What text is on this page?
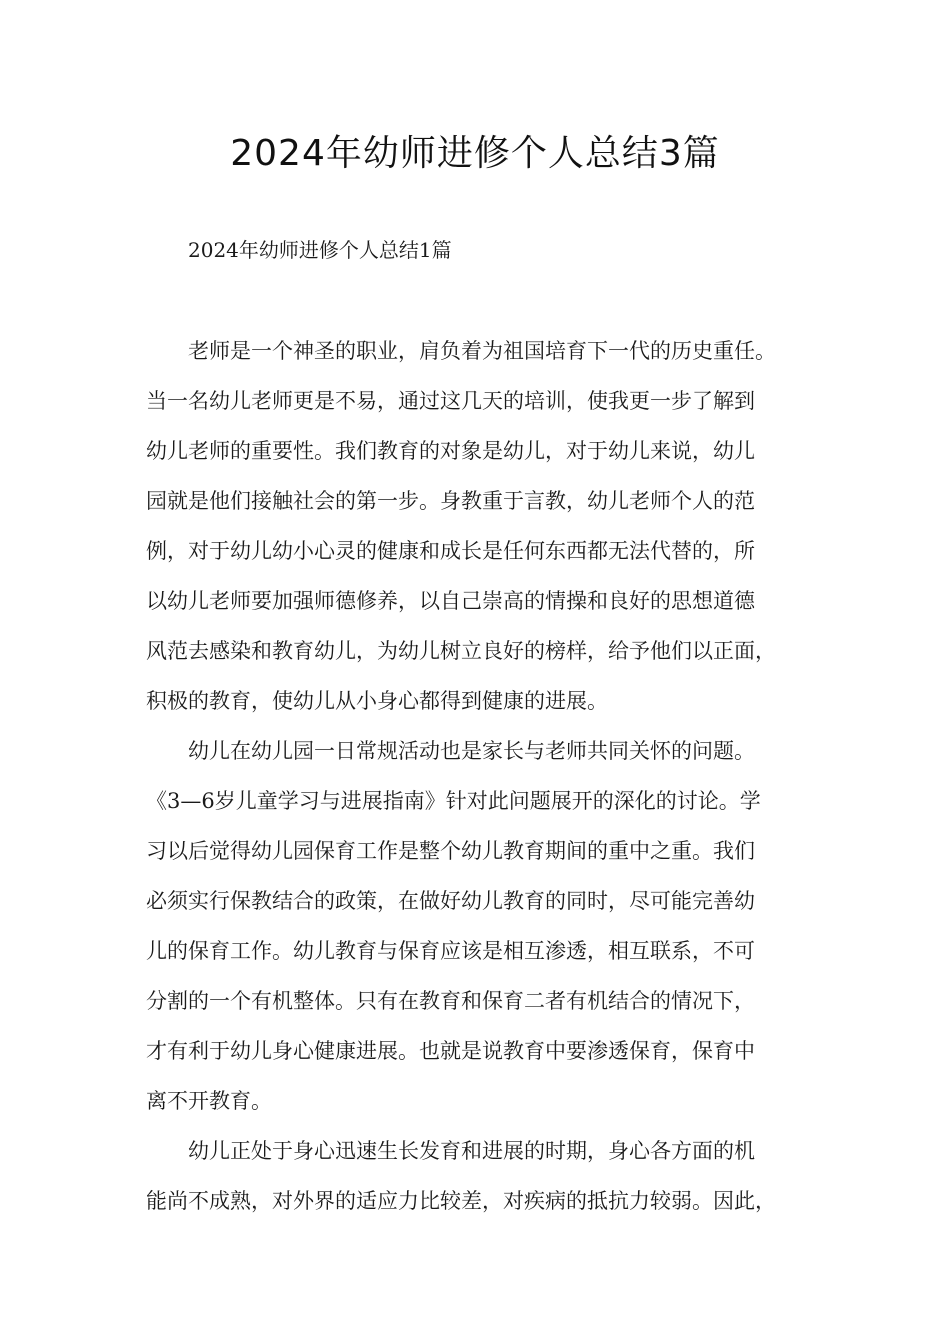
2024年幼师进修个人总结3篇

2024年幼师进修个人总结1篇

老师是一个神圣的职业，肩负着为祖国培育下一代的历史重任。

当一名幼儿老师更是不易，通过这几天的培训，使我更一步了解到

幼儿老师的重要性。我们教育的对象是幼儿，对于幼儿来说，幼儿

园就是他们接触社会的第一步。身教重于言教，幼儿老师个人的范

例，对于幼儿幼小心灵的健康和成长是任何东西都无法代替的，所

以幼儿老师要加强师德修养，以自己崇高的情操和良好的思想道德

风范去感染和教育幼儿，为幼儿树立良好的榜样，给予他们以正面，

积极的教育，使幼儿从小身心都得到健康的进展。

幼儿在幼儿园一日常规活动也是家长与老师共同关怀的问题。

《3—6岁儿童学习与进展指南》针对此问题展开的深化的讨论。学

习以后觉得幼儿园保育工作是整个幼儿教育期间的重中之重。我们

必须实行保教结合的政策，在做好幼儿教育的同时，尽可能完善幼

儿的保育工作。幼儿教育与保育应该是相互渗透，相互联系，不可

分割的一个有机整体。只有在教育和保育二者有机结合的情况下，

才有利于幼儿身心健康进展。也就是说教育中要渗透保育，保育中

离不开教育。

幼儿正处于身心迅速生长发育和进展的时期，身心各方面的机

能尚不成熟，对外界的适应力比较差，对疾病的抵抗力较弱。因此，
